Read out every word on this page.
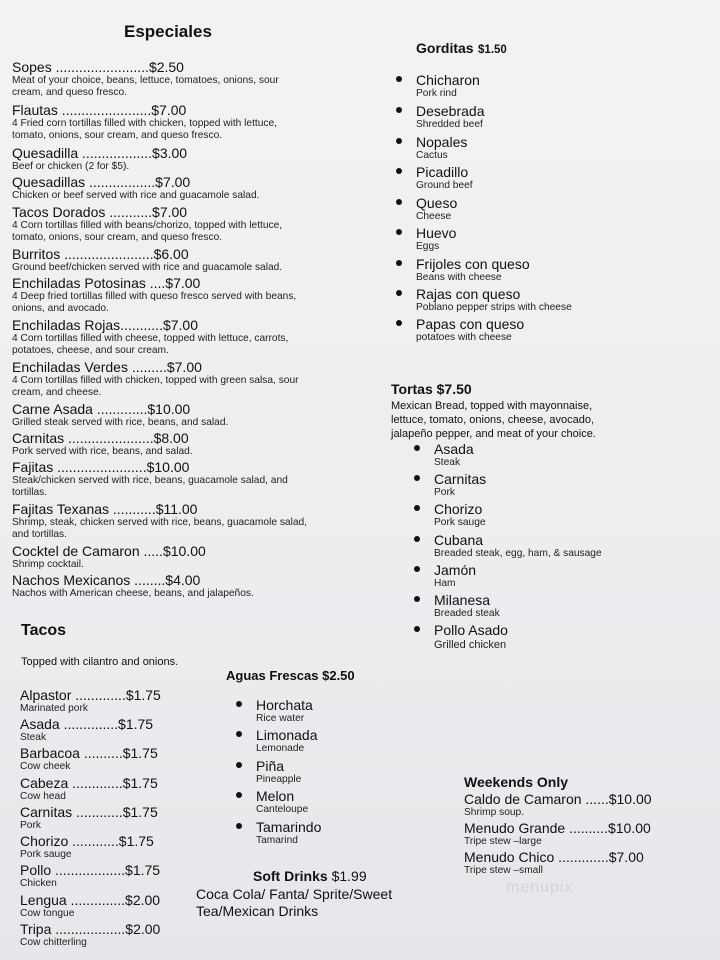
Especiales
Sopes ........................$2.50
Meat of your choice, beans, lettuce, tomatoes, onions, sour cream, and queso fresco.
Flautas .......................$7.00
4 Fried corn tortillas filled with chicken, topped with lettuce, tomato, onions, sour cream, and queso fresco.
Quesadilla ..................$3.00
Beef or chicken (2 for $5).
Quesadillas .................$7.00
Chicken or beef served with rice and guacamole salad.
Tacos Dorados ...........$7.00
4 Corn tortillas filled with beans/chorizo, topped with lettuce, tomato, onions, sour cream, and queso fresco.
Burritos .......................$6.00
Ground beef/chicken served with rice and guacamole salad.
Enchiladas Potosinas ....$7.00
4 Deep fried tortillas filled with queso fresco served with beans, onions, and avocado.
Enchiladas Rojas...........$7.00
4 Corn tortillas filled with cheese, topped with lettuce, carrots, potatoes, cheese, and sour cream.
Enchiladas Verdes .........$7.00
4 Corn tortillas filled with chicken, topped with green salsa, sour cream, and cheese.
Carne Asada .............$10.00
Grilled steak served with rice, beans, and salad.
Carnitas ......................$8.00
Pork served with rice, beans, and salad.
Fajitas .......................$10.00
Steak/chicken served with rice, beans, guacamole salad, and tortillas.
Fajitas Texanas ...........$11.00
Shrimp, steak, chicken served with rice, beans, guacamole salad, and tortillas.
Cocktel de Camaron .....$10.00
Shrimp cocktail.
Nachos Mexicanos ........$4.00
Nachos with American cheese, beans, and jalapeños.
Tacos
Topped with cilantro and onions.
Alpastor .............$1.75
Marinated pork
Asada ..............$1.75
Steak
Barbacoa ..........$1.75
Cow cheek
Cabeza .............$1.75
Cow head
Carnitas ............$1.75
Pork
Chorizo ............$1.75
Pork sauge
Pollo ..................$1.75
Chicken
Lengua ..............$2.00
Cow tongue
Tripa ..................$2.00
Cow chitterling
Aguas Frescas $2.50
Horchata
Rice water
Limonada
Lemonade
Piña
Pineapple
Melon
Canteloupe
Tamarindo
Tamarind
Soft Drinks $1.99
Coca Cola/ Fanta/ Sprite/Sweet
Tea/Mexican Drinks
Gorditas $1.50
Chicharon
Pork rind
Desebrada
Shredded beef
Nopales
Cactus
Picadillo
Ground beef
Queso
Cheese
Huevo
Eggs
Frijoles con queso
Beans with cheese
Rajas con queso
Poblano pepper strips with cheese
Papas con queso
potatoes with cheese
Tortas $7.50
Mexican Bread, topped with mayonnaise,
lettuce, tomato, onions, cheese, avocado,
jalapeño pepper, and meat of your choice.
Asada
Steak
Carnitas
Pork
Chorizo
Pork sauge
Cubana
Breaded steak, egg, ham, & sausage
Jamón
Ham
Milanesa
Breaded steak
Pollo Asado
Grilled chicken
Weekends Only
Caldo de Camaron ......$10.00
Shrimp soup.
Menudo Grande ..........$10.00
Tripe stew –large
Menudo Chico .............$7.00
Tripe stew –small
menupix
